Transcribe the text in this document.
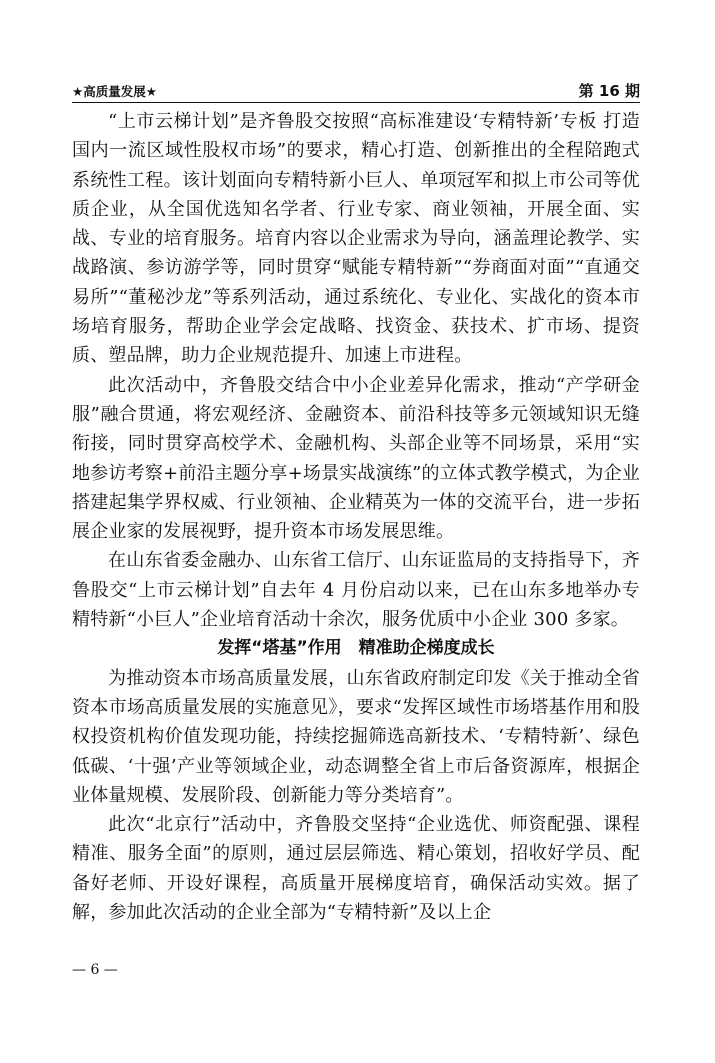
★高质量发展★	第 16 期

“上市云梯计划”是齐鲁股交按照“高标准建设‘专精特新’专板 打造国内一流区域性股权市场”的要求，精心打造、创新推出的全程陪跑式系统性工程。该计划面向专精特新小巨人、单项冠军和拟上市公司等优质企业，从全国优选知名学者、行业专家、商业领袖，开展全面、实战、专业的培育服务。培育内容以企业需求为导向，涵盖理论教学、实战路演、参访游学等，同时贯穿“赋能专精特新”“券商面对面”“直通交易所”“董秘沙龙”等系列活动，通过系统化、专业化、实战化的资本市场培育服务，帮助企业学会定战略、找资金、获技术、扩市场、提资质、塑品牌，助力企业规范提升、加速上市进程。

此次活动中，齐鲁股交结合中小企业差异化需求，推动“产学研金服”融合贯通，将宏观经济、金融资本、前沿科技等多元领域知识无缝衔接，同时贯穿高校学术、金融机构、头部企业等不同场景，采用“实地参访考察+前沿主题分享+场景实战演练”的立体式教学模式，为企业搭建起集学界权威、行业领袖、企业精英为一体的交流平台，进一步拓展企业家的发展视野，提升资本市场发展思维。

在山东省委金融办、山东省工信厅、山东证监局的支持指导下，齐鲁股交“上市云梯计划”自去年 4 月份启动以来，已在山东多地举办专精特新“小巨人”企业培育活动十余次，服务优质中小企业 300 多家。

发挥“塔基”作用　精准助企梯度成长

为推动资本市场高质量发展，山东省政府制定印发《关于推动全省资本市场高质量发展的实施意见》，要求“发挥区域性市场塔基作用和股权投资机构价值发现功能，持续挖掘筛选高新技术、‘专精特新’、绿色低碳、‘十强’产业等领域企业，动态调整全省上市后备资源库，根据企业体量规模、发展阶段、创新能力等分类培育”。

此次“北京行”活动中，齐鲁股交坚持“企业选优、师资配强、课程精准、服务全面”的原则，通过层层筛选、精心策划，招收好学员、配备好老师、开设好课程，高质量开展梯度培育，确保活动实效。据了解，参加此次活动的企业全部为“专精特新”及以上企

— 6 —
